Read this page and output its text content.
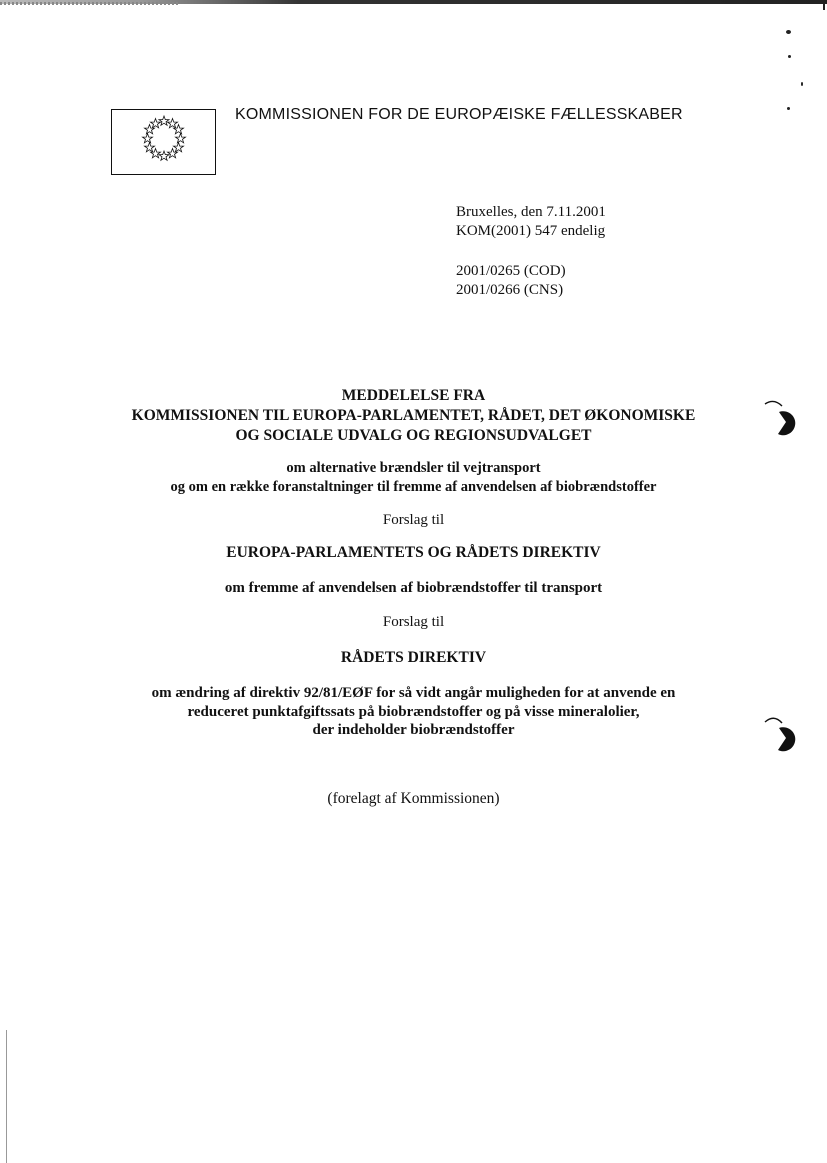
KOMMISSIONEN FOR DE EUROPÆISKE FÆLLESSKABER
Bruxelles, den 7.11.2001
KOM(2001) 547 endelig
2001/0265 (COD)
2001/0266 (CNS)
MEDDELELSE FRA
KOMMISSIONEN TIL EUROPA-PARLAMENTET, RÅDET, DET ØKONOMISKE
OG SOCIALE UDVALG OG REGIONSUDVALGET
om alternative brændsler til vejtransport
og om en række foranstaltninger til fremme af anvendelsen af biobrændstoffer
Forslag til
EUROPA-PARLAMENTETS OG RÅDETS DIREKTIV
om fremme af anvendelsen af biobrændstoffer til transport
Forslag til
RÅDETS DIREKTIV
om ændring af direktiv 92/81/EØF for så vidt angår muligheden for at anvende en
reduceret punktafgiftssats på biobrændstoffer og på visse mineralolier,
der indeholder biobrændstoffer
(forelagt af Kommissionen)
